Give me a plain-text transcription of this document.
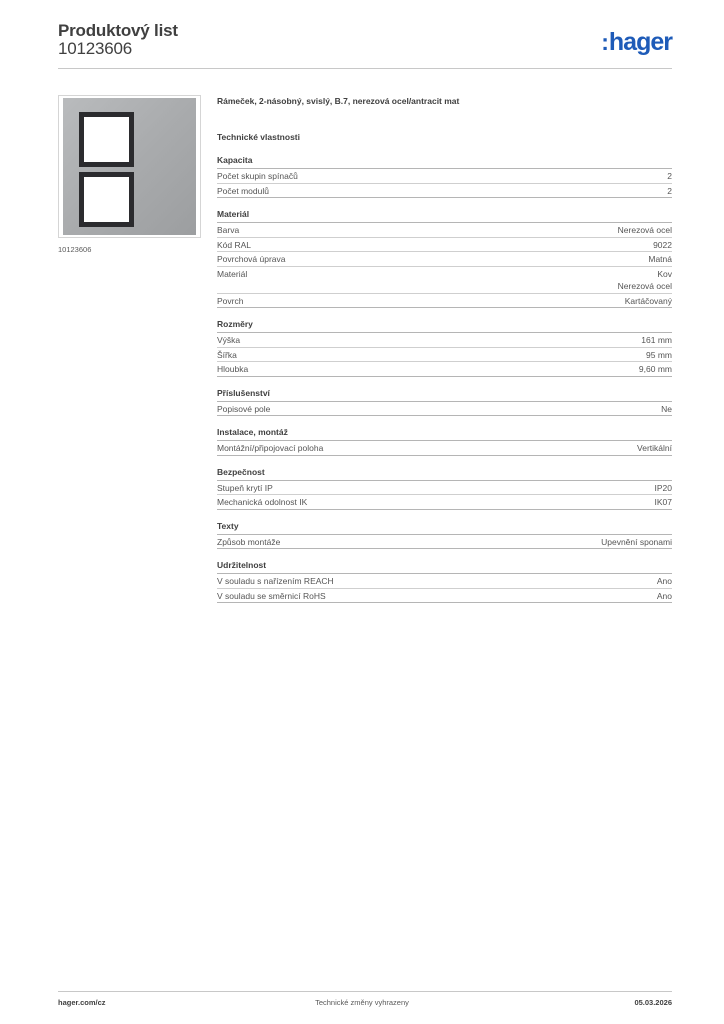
Produktový list
10123606	:hager
10123606
Rámeček, 2-násobný, svislý, B.7, nerezová ocel/antracit mat
Technické vlastnosti
Kapacita
Počet skupin spínačů	2
Počet modulů	2
Materiál
Barva	Nerezová ocel
Kód RAL	9022
Povrchová úprava	Matná
Materiál	Kov
Nerezová ocel
Povrch	Kartáčovaný
Rozměry
Výška	161 mm
Šířka	95 mm
Hloubka	9,60 mm
Příslušenství
Popisové pole	Ne
Instalace, montáž
Montážní/připojovací poloha	Vertikální
Bezpečnost
Stupeň krytí IP	IP20
Mechanická odolnost IK	IK07
Texty
Způsob montáže	Upevnění sponami
Udržitelnost
V souladu s nařízením REACH	Ano
V souladu se směrnicí RoHS	Ano
hager.com/cz	Technické změny vyhrazeny	05.03.2026
